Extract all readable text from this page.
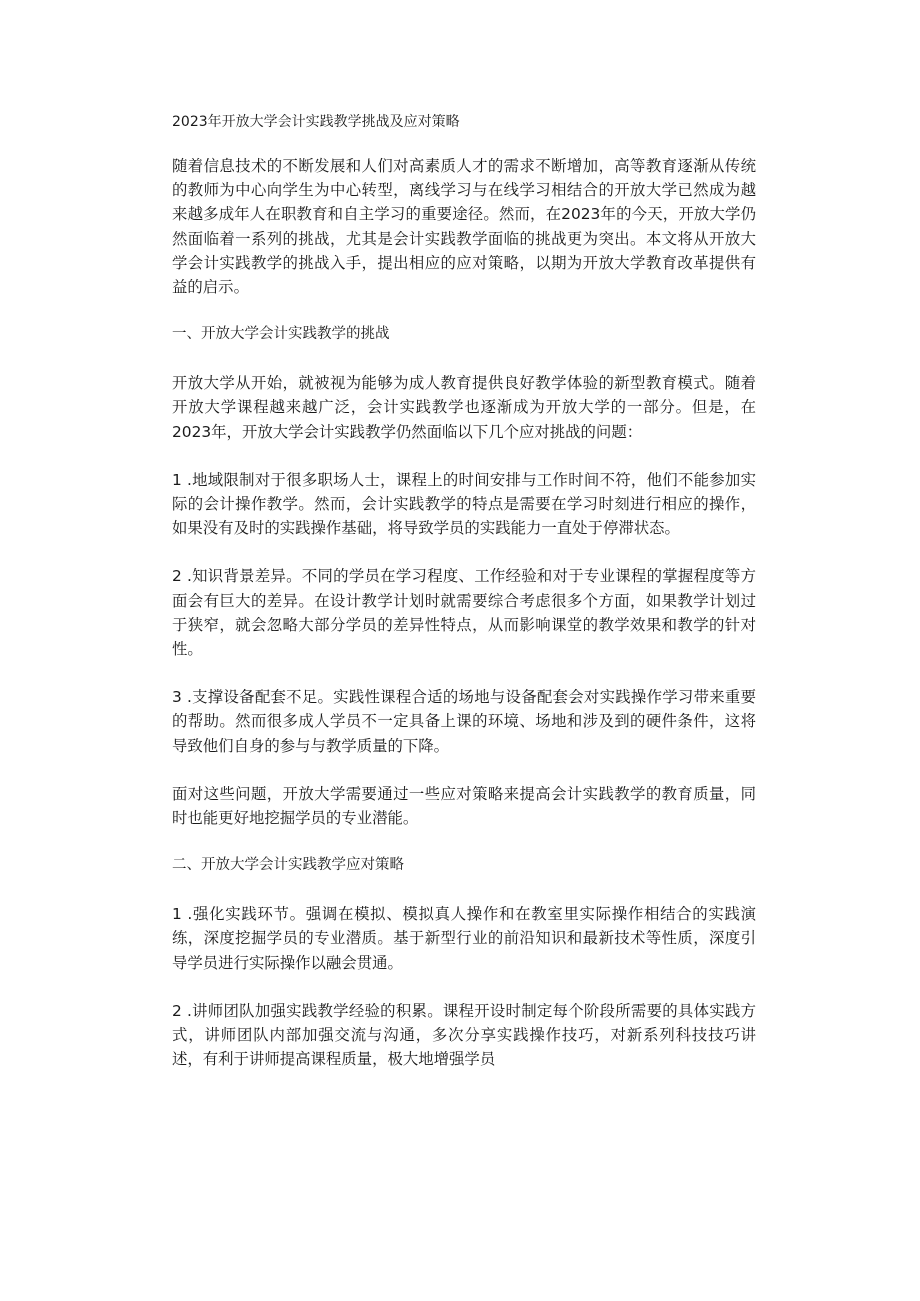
2023年开放大学会计实践教学挑战及应对策略

随着信息技术的不断发展和人们对高素质人才的需求不断增加，高等教育逐渐从传统的教师为中心向学生为中心转型，离线学习与在线学习相结合的开放大学已然成为越来越多成年人在职教育和自主学习的重要途径。然而，在2023年的今天，开放大学仍然面临着一系列的挑战，尤其是会计实践教学面临的挑战更为突出。本文将从开放大学会计实践教学的挑战入手，提出相应的应对策略，以期为开放大学教育改革提供有益的启示。

一、开放大学会计实践教学的挑战

开放大学从开始，就被视为能够为成人教育提供良好教学体验的新型教育模式。随着开放大学课程越来越广泛，会计实践教学也逐渐成为开放大学的一部分。但是，在2023年，开放大学会计实践教学仍然面临以下几个应对挑战的问题：

1 .地域限制对于很多职场人士，课程上的时间安排与工作时间不符，他们不能参加实际的会计操作教学。然而，会计实践教学的特点是需要在学习时刻进行相应的操作，如果没有及时的实践操作基础，将导致学员的实践能力一直处于停滞状态。

2 .知识背景差异。不同的学员在学习程度、工作经验和对于专业课程的掌握程度等方面会有巨大的差异。在设计教学计划时就需要综合考虑很多个方面，如果教学计划过于狭窄，就会忽略大部分学员的差异性特点，从而影响课堂的教学效果和教学的针对性。

3 .支撑设备配套不足。实践性课程合适的场地与设备配套会对实践操作学习带来重要的帮助。然而很多成人学员不一定具备上课的环境、场地和涉及到的硬件条件，这将导致他们自身的参与与教学质量的下降。

面对这些问题，开放大学需要通过一些应对策略来提高会计实践教学的教育质量，同时也能更好地挖掘学员的专业潜能。

二、开放大学会计实践教学应对策略

1 .强化实践环节。强调在模拟、模拟真人操作和在教室里实际操作相结合的实践演练，深度挖掘学员的专业潜质。基于新型行业的前沿知识和最新技术等性质，深度引导学员进行实际操作以融会贯通。

2 .讲师团队加强实践教学经验的积累。课程开设时制定每个阶段所需要的具体实践方式，讲师团队内部加强交流与沟通，多次分享实践操作技巧，对新系列科技技巧讲述，有利于讲师提高课程质量，极大地增强学员
